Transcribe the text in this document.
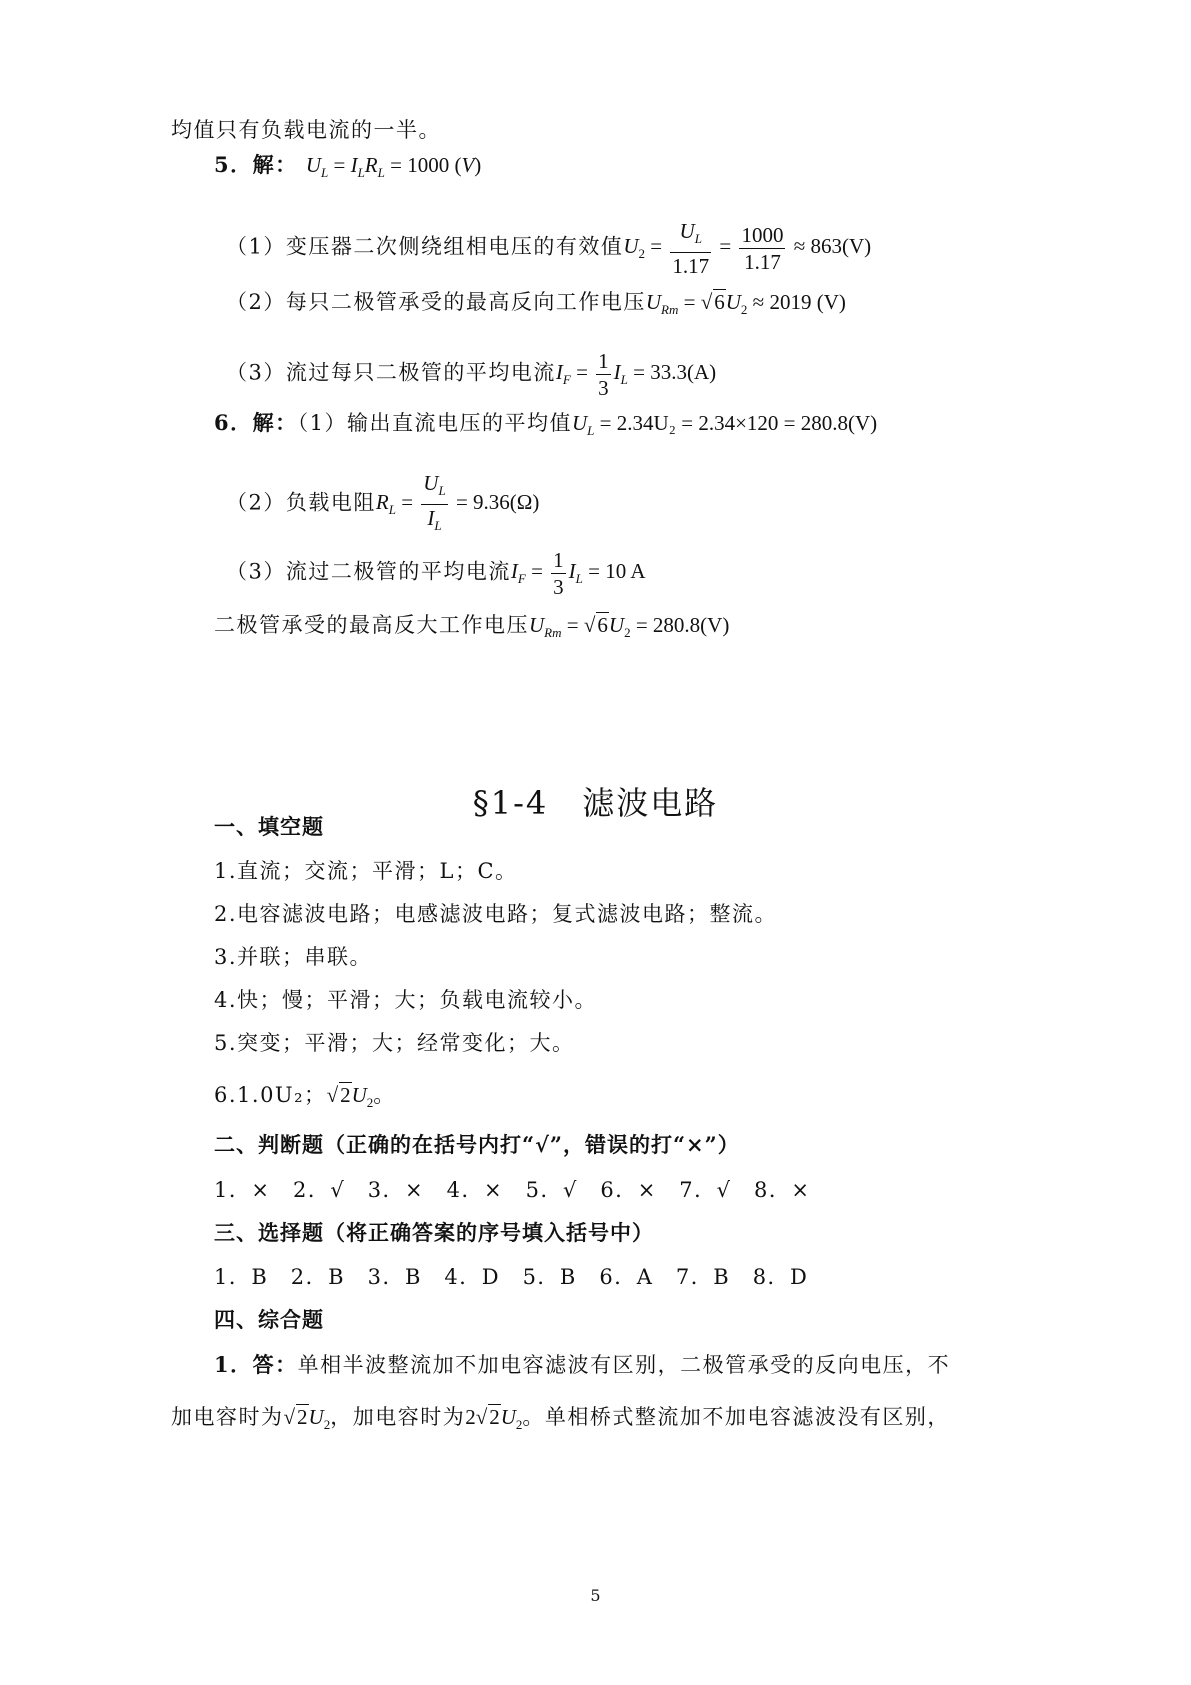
均值只有负载电流的一半。
5．解： $U_L = I_LR_L = 1000$ (V)
（1）变压器二次侧绕组相电压的有效值$U_2 = \frac{U_L}{1.17} = \frac{1000}{1.17} \approx 863(V)$
（2）每只二极管承受的最高反向工作电压$U_{Rm} = √6U_2 \approx 2019$ (V)
（3）流过每只二极管的平均电流$I_F = \frac{1}{3} I_L = 33.3(A)$
6．解：（1）输出直流电压的平均值$U_L = 2.34U_2 = 2.34\times 120 = 280.8(V)$
（2）负载电阻$R_L = \frac{U_L}{I_L} = 9.36(\Omega)$
（3）流过二极管的平均电流$I_F = \frac{1}{3} I_L = 10$ A
二极管承受的最高反大工作电压$U_{Rm} = √6U_2 = 280.8(V)$
§1-4　滤波电路
一、填空题
1.直流；交流；平滑；L；C。
2.电容滤波电路；电感滤波电路；复式滤波电路；整流。
3.并联；串联。
4.快；慢；平滑；大；负载电流较小。
5.突变；平滑；大；经常变化；大。
6.1.0U₂；$√2U_2$。
二、判断题（正确的在括号内打“√”，错误的打“×”）
1．×　2．√　3．×　4．×　5．√　6．×　7．√　8．×
三、选择题（将正确答案的序号填入括号中）
1．B　2．B　3．B　4．D　5．B　6．A　7．B　8．D
四、综合题
1．答：单相半波整流加不加电容滤波有区别，二极管承受的反向电压，不
加电容时为$√2U_2$，加电容时为$2√2U_2$。单相桥式整流加不加电容滤波没有区别，
5
